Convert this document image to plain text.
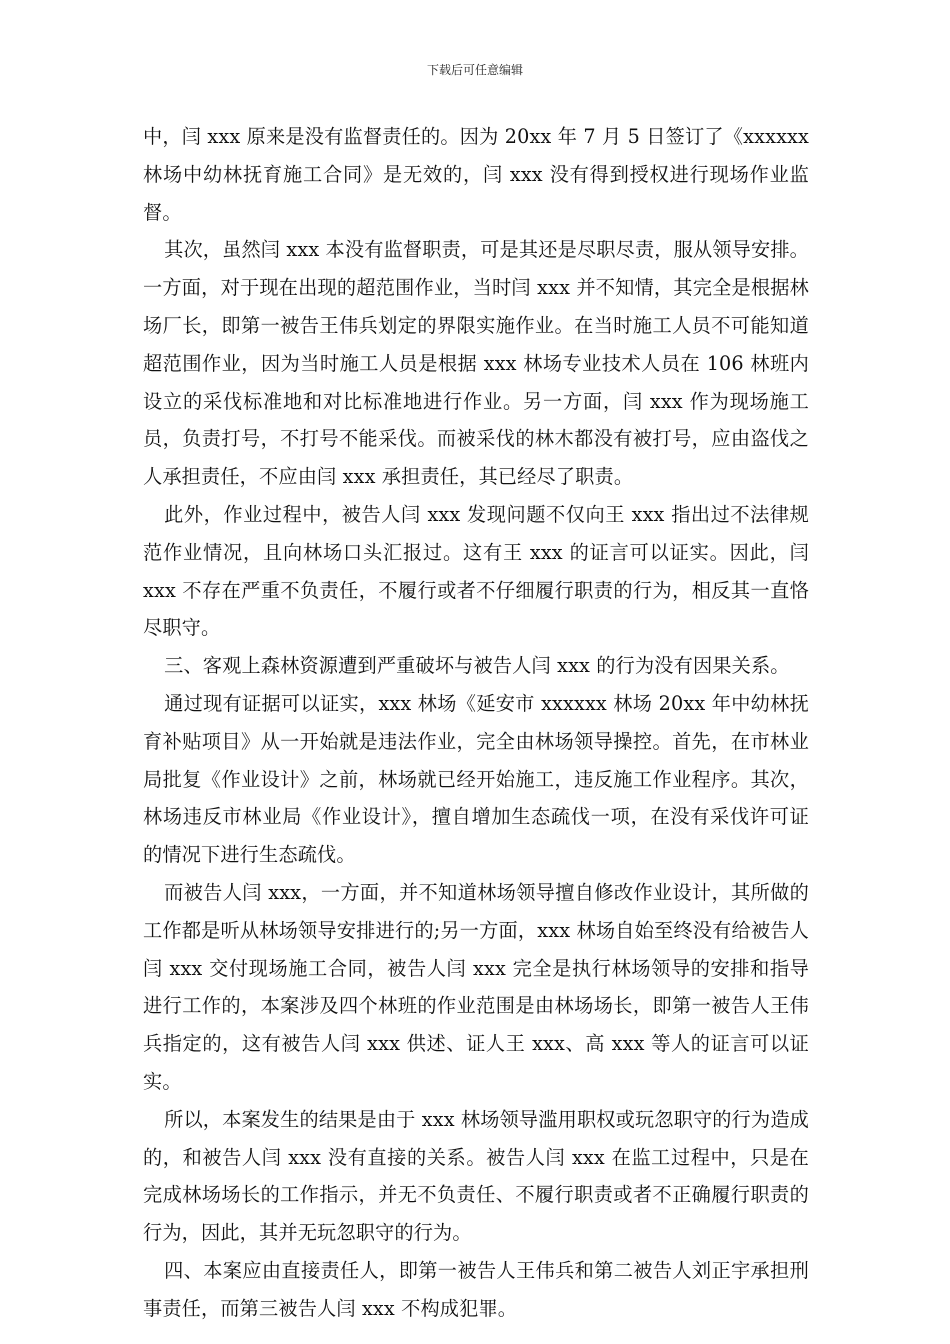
下载后可任意编辑

中，闫 xxx 原来是没有监督责任的。因为 20xx 年 7 月 5 日签订了《xxxxxx 林场中幼林抚育施工合同》是无效的，闫 xxx 没有得到授权进行现场作业监督。

其次，虽然闫 xxx 本没有监督职责，可是其还是尽职尽责，服从领导安排。一方面，对于现在出现的超范围作业，当时闫 xxx 并不知情，其完全是根据林场厂长，即第一被告王伟兵划定的界限实施作业。在当时施工人员不可能知道超范围作业，因为当时施工人员是根据 xxx 林场专业技术人员在 106 林班内设立的采伐标准地和对比标准地进行作业。另一方面，闫 xxx 作为现场施工员，负责打号，不打号不能采伐。而被采伐的林木都没有被打号，应由盗伐之人承担责任，不应由闫 xxx 承担责任，其已经尽了职责。

此外，作业过程中，被告人闫 xxx 发现问题不仅向王 xxx 指出过不法律规范作业情况，且向林场口头汇报过。这有王 xxx 的证言可以证实。因此，闫 xxx 不存在严重不负责任，不履行或者不仔细履行职责的行为，相反其一直恪尽职守。

三、客观上森林资源遭到严重破坏与被告人闫 xxx 的行为没有因果关系。

通过现有证据可以证实，xxx 林场《延安市 xxxxxx 林场 20xx 年中幼林抚育补贴项目》从一开始就是违法作业，完全由林场领导操控。首先，在市林业局批复《作业设计》之前，林场就已经开始施工，违反施工作业程序。其次，林场违反市林业局《作业设计》，擅自增加生态疏伐一项，在没有采伐许可证的情况下进行生态疏伐。

而被告人闫 xxx，一方面，并不知道林场领导擅自修改作业设计，其所做的工作都是听从林场领导安排进行的;另一方面，xxx 林场自始至终没有给被告人闫 xxx 交付现场施工合同，被告人闫 xxx 完全是执行林场领导的安排和指导进行工作的，本案涉及四个林班的作业范围是由林场场长，即第一被告人王伟兵指定的，这有被告人闫 xxx 供述、证人王 xxx、高 xxx 等人的证言可以证实。

所以，本案发生的结果是由于 xxx 林场领导滥用职权或玩忽职守的行为造成的，和被告人闫 xxx 没有直接的关系。被告人闫 xxx 在监工过程中，只是在完成林场场长的工作指示，并无不负责任、不履行职责或者不正确履行职责的行为，因此，其并无玩忽职守的行为。

四、本案应由直接责任人，即第一被告人王伟兵和第二被告人刘正宇承担刑事责任，而第三被告人闫 xxx 不构成犯罪。
